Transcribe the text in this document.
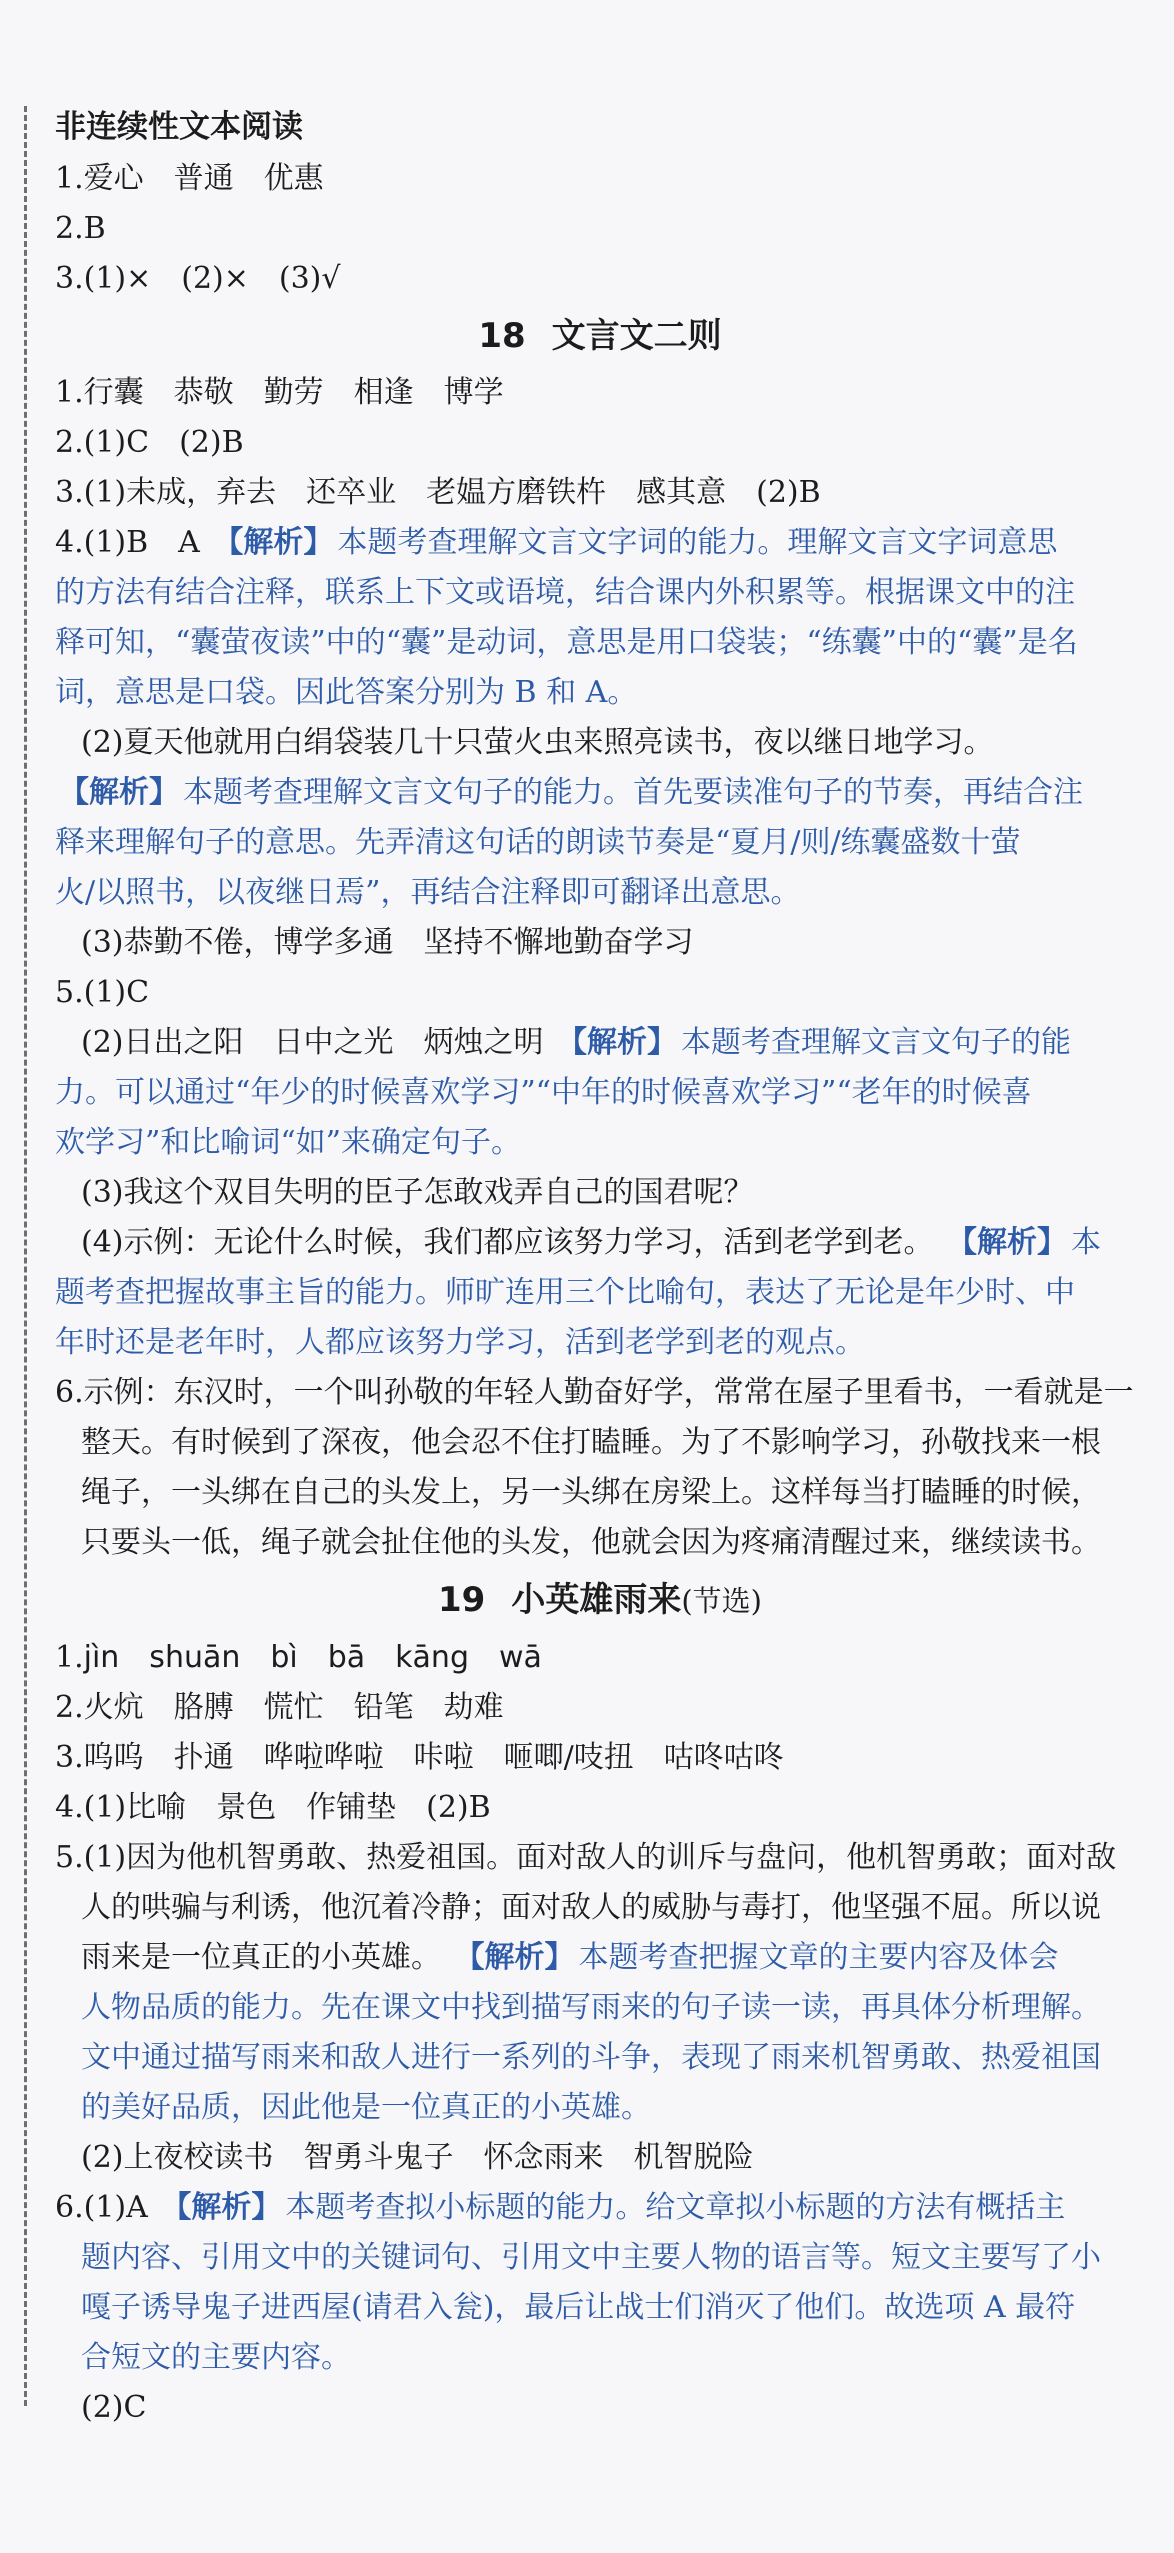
非连续性文本阅读
1.爱心　普通　优惠
2.B
3.(1)×　(2)×　(3)√
18 文言文二则
1.行囊　恭敬　勤劳　相逢　博学
2.(1)C　(2)B
3.(1)未成，弃去　还卒业　老媪方磨铁杵　感其意　(2)B
4.(1)B　A 【解析】 本题考查理解文言文字词的能力。理解文言文字词意思
的方法有结合注释，联系上下文或语境，结合课内外积累等。根据课文中的注
释可知，“囊萤夜读”中的“囊”是动词，意思是用口袋装；“练囊”中的“囊”是名
词，意思是口袋。因此答案分别为 B 和 A。
(2)夏天他就用白绢袋装几十只萤火虫来照亮读书，夜以继日地学习。
【解析】 本题考查理解文言文句子的能力。首先要读准句子的节奏，再结合注
释来理解句子的意思。先弄清这句话的朗读节奏是“夏月/则/练囊盛数十萤
火/以照书，以夜继日焉”，再结合注释即可翻译出意思。
(3)恭勤不倦，博学多通　坚持不懈地勤奋学习
5.(1)C
(2)日出之阳　日中之光　炳烛之明 【解析】 本题考查理解文言文句子的能
力。可以通过“年少的时候喜欢学习”“中年的时候喜欢学习”“老年的时候喜
欢学习”和比喻词“如”来确定句子。
(3)我这个双目失明的臣子怎敢戏弄自己的国君呢？
(4)示例：无论什么时候，我们都应该努力学习，活到老学到老。 【解析】 本
题考查把握故事主旨的能力。师旷连用三个比喻句，表达了无论是年少时、中
年时还是老年时，人都应该努力学习，活到老学到老的观点。
6.示例：东汉时，一个叫孙敬的年轻人勤奋好学，常常在屋子里看书，一看就是一
整天。有时候到了深夜，他会忍不住打瞌睡。为了不影响学习，孙敬找来一根
绳子，一头绑在自己的头发上，另一头绑在房梁上。这样每当打瞌睡的时候，
只要头一低，绳子就会扯住他的头发，他就会因为疼痛清醒过来，继续读书。
19 小英雄雨来(节选)
1.jìn　shuān　bì　bā　kāng　wā
2.火炕　胳膊　慌忙　铅笔　劫难
3.呜呜　扑通　哗啦哗啦　咔啦　咂唧/吱扭　咕咚咕咚
4.(1)比喻　景色　作铺垫　(2)B
5.(1)因为他机智勇敢、热爱祖国。面对敌人的训斥与盘问，他机智勇敢；面对敌
人的哄骗与利诱，他沉着冷静；面对敌人的威胁与毒打，他坚强不屈。所以说
雨来是一位真正的小英雄。 【解析】 本题考查把握文章的主要内容及体会
人物品质的能力。先在课文中找到描写雨来的句子读一读，再具体分析理解。
文中通过描写雨来和敌人进行一系列的斗争，表现了雨来机智勇敢、热爱祖国
的美好品质，因此他是一位真正的小英雄。
(2)上夜校读书　智勇斗鬼子　怀念雨来　机智脱险
6.(1)A 【解析】 本题考查拟小标题的能力。给文章拟小标题的方法有概括主
题内容、引用文中的关键词句、引用文中主要人物的语言等。短文主要写了小
嘎子诱导鬼子进西屋(请君入瓮)，最后让战士们消灭了他们。故选项 A 最符
合短文的主要内容。
(2)C
